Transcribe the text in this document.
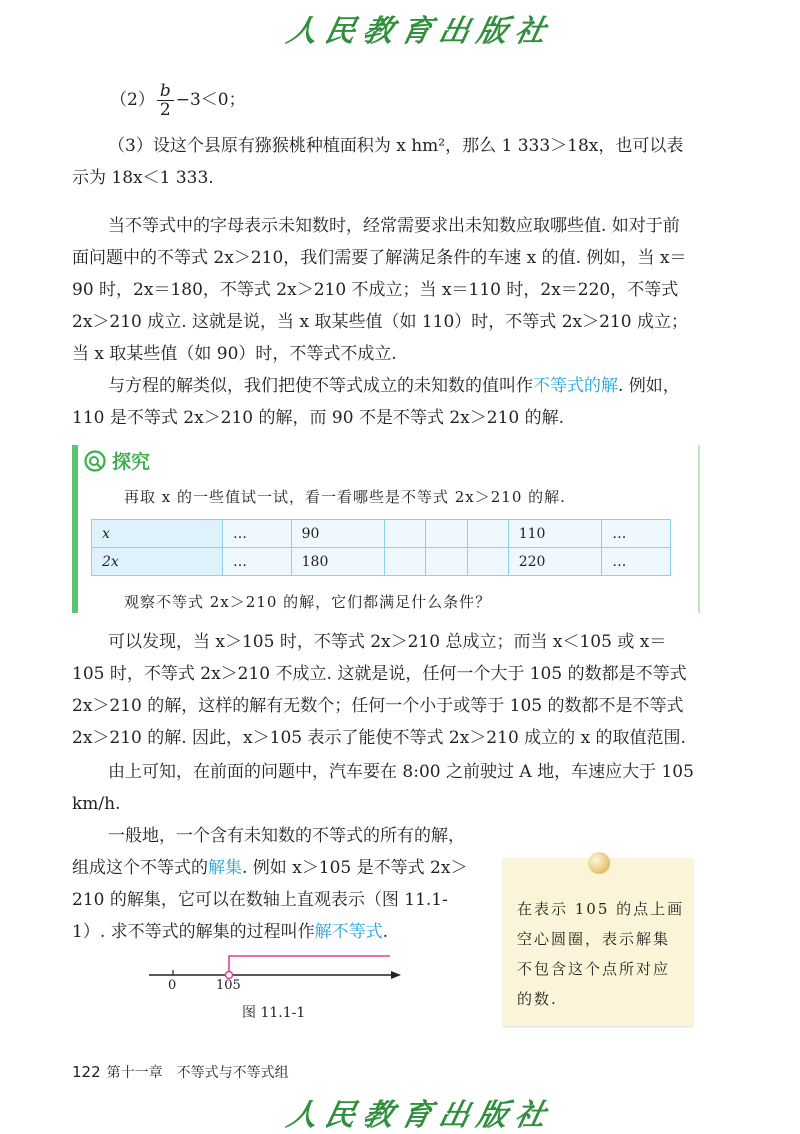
人民教育出版社
$(2) \frac{b}{2} -3<0$；

（3）设这个县原有猕猴桃种植面积为 x hm²，那么 1 333＞18x，也可以表示为 18x＜1 333.

当不等式中的字母表示未知数时，经常需要求出未知数应取哪些值. 如对于前面问题中的不等式 2x＞210，我们需要了解满足条件的车速 x 的值. 例如，当 x＝90 时，2x＝180，不等式 2x＞210 不成立；当 x＝110 时，2x＝220，不等式 2x＞210 成立. 这就是说，当 x 取某些值（如 110）时，不等式 2x＞210 成立；当 x 取某些值（如 90）时，不等式不成立.

与方程的解类似，我们把使不等式成立的未知数的值叫作不等式的解. 例如，110 是不等式 2x＞210 的解，而 90 不是不等式 2x＞210 的解.

探究
再取 x 的一些值试一试，看一看哪些是不等式 2x＞210 的解.
x	…	90				110	…
2x	…	180				220	…
观察不等式 2x＞210 的解，它们都满足什么条件？

可以发现，当 x＞105 时，不等式 2x＞210 总成立；而当 x＜105 或 x＝105 时，不等式 2x＞210 不成立. 这就是说，任何一个大于 105 的数都是不等式 2x＞210 的解，这样的解有无数个；任何一个小于或等于 105 的数都不是不等式 2x＞210 的解. 因此，x＞105 表示了能使不等式 2x＞210 成立的 x 的取值范围.

由上可知，在前面的问题中，汽车要在 8:00 之前驶过 A 地，车速应大于 105 km/h.

一般地，一个含有未知数的不等式的所有的解，组成这个不等式的解集. 例如 x＞105 是不等式 2x＞210 的解集，它可以在数轴上直观表示（图 11.1-1）. 求不等式的解集的过程叫作解不等式.

0	105
图 11.1-1
在表示 105 的点上画空心圆圈，表示解集不包含这个点所对应的数.
122 第十一章　不等式与不等式组
人民教育出版社
